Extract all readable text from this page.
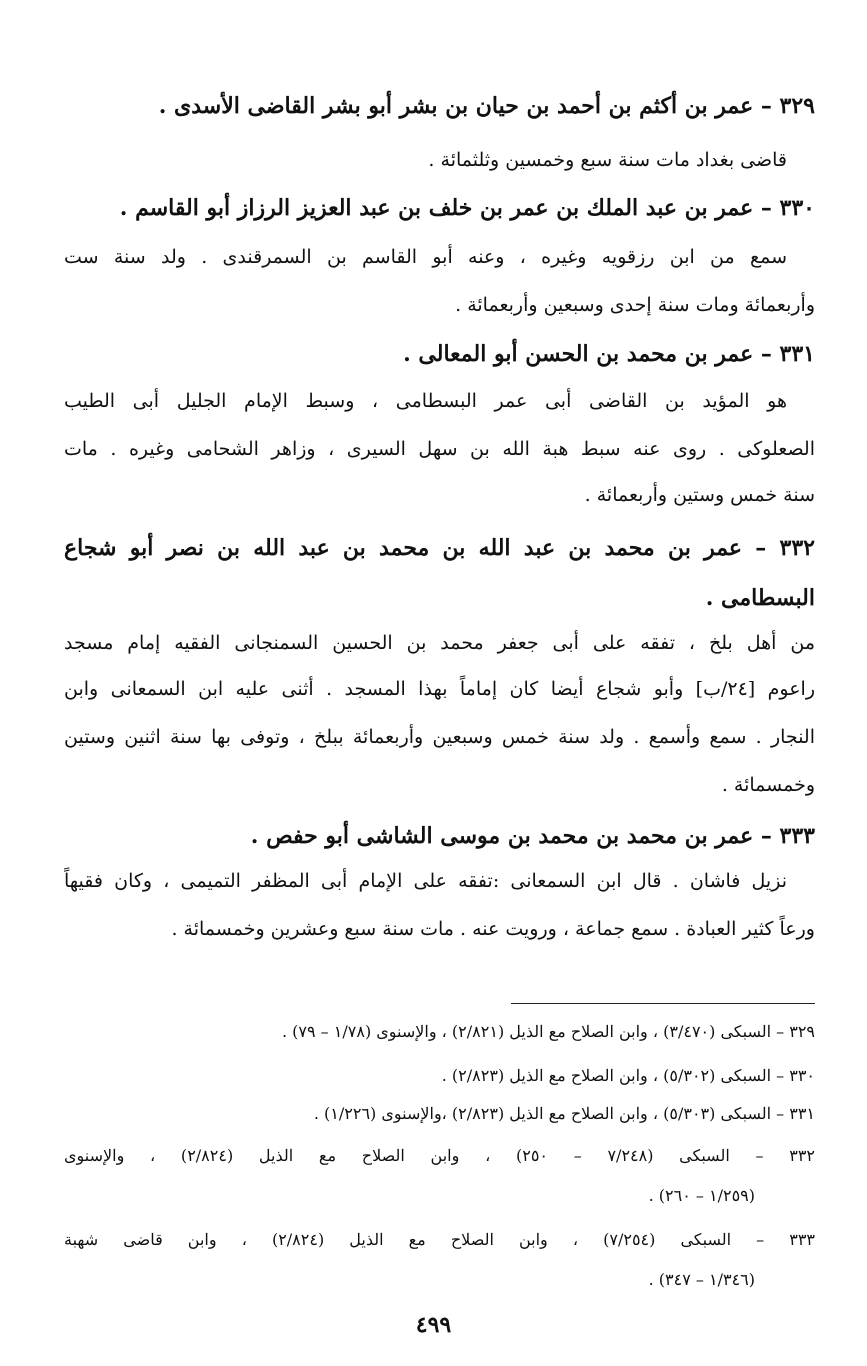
٣٢٩ – عمر بن أكثم بن أحمد بن حيان بن بشر أبو بشر القاضى الأسدى .
قاضى بغداد مات سنة سبع وخمسين وثلثمائة .
٣٣٠ – عمر بن عبد الملك بن عمر بن خلف بن عبد العزيز الرزاز أبو القاسم .
سمع من ابن رزقويه وغيره ، وعنه أبو القاسم بن السمرقندى . ولد سنة ست
وأربعمائة ومات سنة إحدى وسبعين وأربعمائة .
٣٣١ – عمر بن محمد بن الحسن أبو المعالى .
هو المؤيد بن القاضى أبى عمر البسطامى ، وسبط الإمام الجليل أبى الطيب
الصعلوكى . روى عنه سبط هبة الله بن سهل السيرى ، وزاهر الشحامى وغيره . مات
سنة خمس وستين وأربعمائة .
٣٣٢ – عمر بن محمد بن عبد الله بن محمد بن عبد الله بن نصر أبو شجاع
البسطامى .
من أهل بلخ ، تفقه على أبى جعفر محمد بن الحسين السمنجانى الفقيه إمام مسجد
راعوم [٢٤/ب] وأبو شجاع أيضا كان إماماً بهذا المسجد . أثنى عليه ابن السمعانى وابن
النجار . سمع وأسمع . ولد سنة خمس وسبعين وأربعمائة ببلخ ، وتوفى بها سنة اثنين وستين
وخمسمائة .
٣٣٣ – عمر بن محمد بن محمد بن موسى الشاشى أبو حفص .
نزيل فاشان . قال ابن السمعانى :تفقه على الإمام أبى المظفر التميمى ، وكان فقيهاً
ورعاً كثير العبادة . سمع جماعة ، ورويت عنه . مات سنة سبع وعشرين وخمسمائة .
٣٢٩ – السبكى (٣/٤٧٠) ، وابن الصلاح مع الذيل (٢/٨٢١) ، والإسنوى (١/٧٨ – ٧٩) .
٣٣٠ – السبكى (٥/٣٠٢) ، وابن الصلاح مع الذيل (٢/٨٢٣) .
٣٣١ – السبكى (٥/٣٠٣) ، وابن الصلاح مع الذيل (٢/٨٢٣) ،والإسنوى (١/٢٢٦) .
٣٣٢ – السبكى (٧/٢٤٨ – ٢٥٠) ، وابن الصلاح مع الذيل (٢/٨٢٤) ، والإسنوى
(١/٢٥٩ – ٢٦٠) .
٣٣٣ – السبكى (٧/٢٥٤) ، وابن الصلاح مع الذيل (٢/٨٢٤) ، وابن قاضى شهبة
(١/٣٤٦ – ٣٤٧) .
٤٩٩
